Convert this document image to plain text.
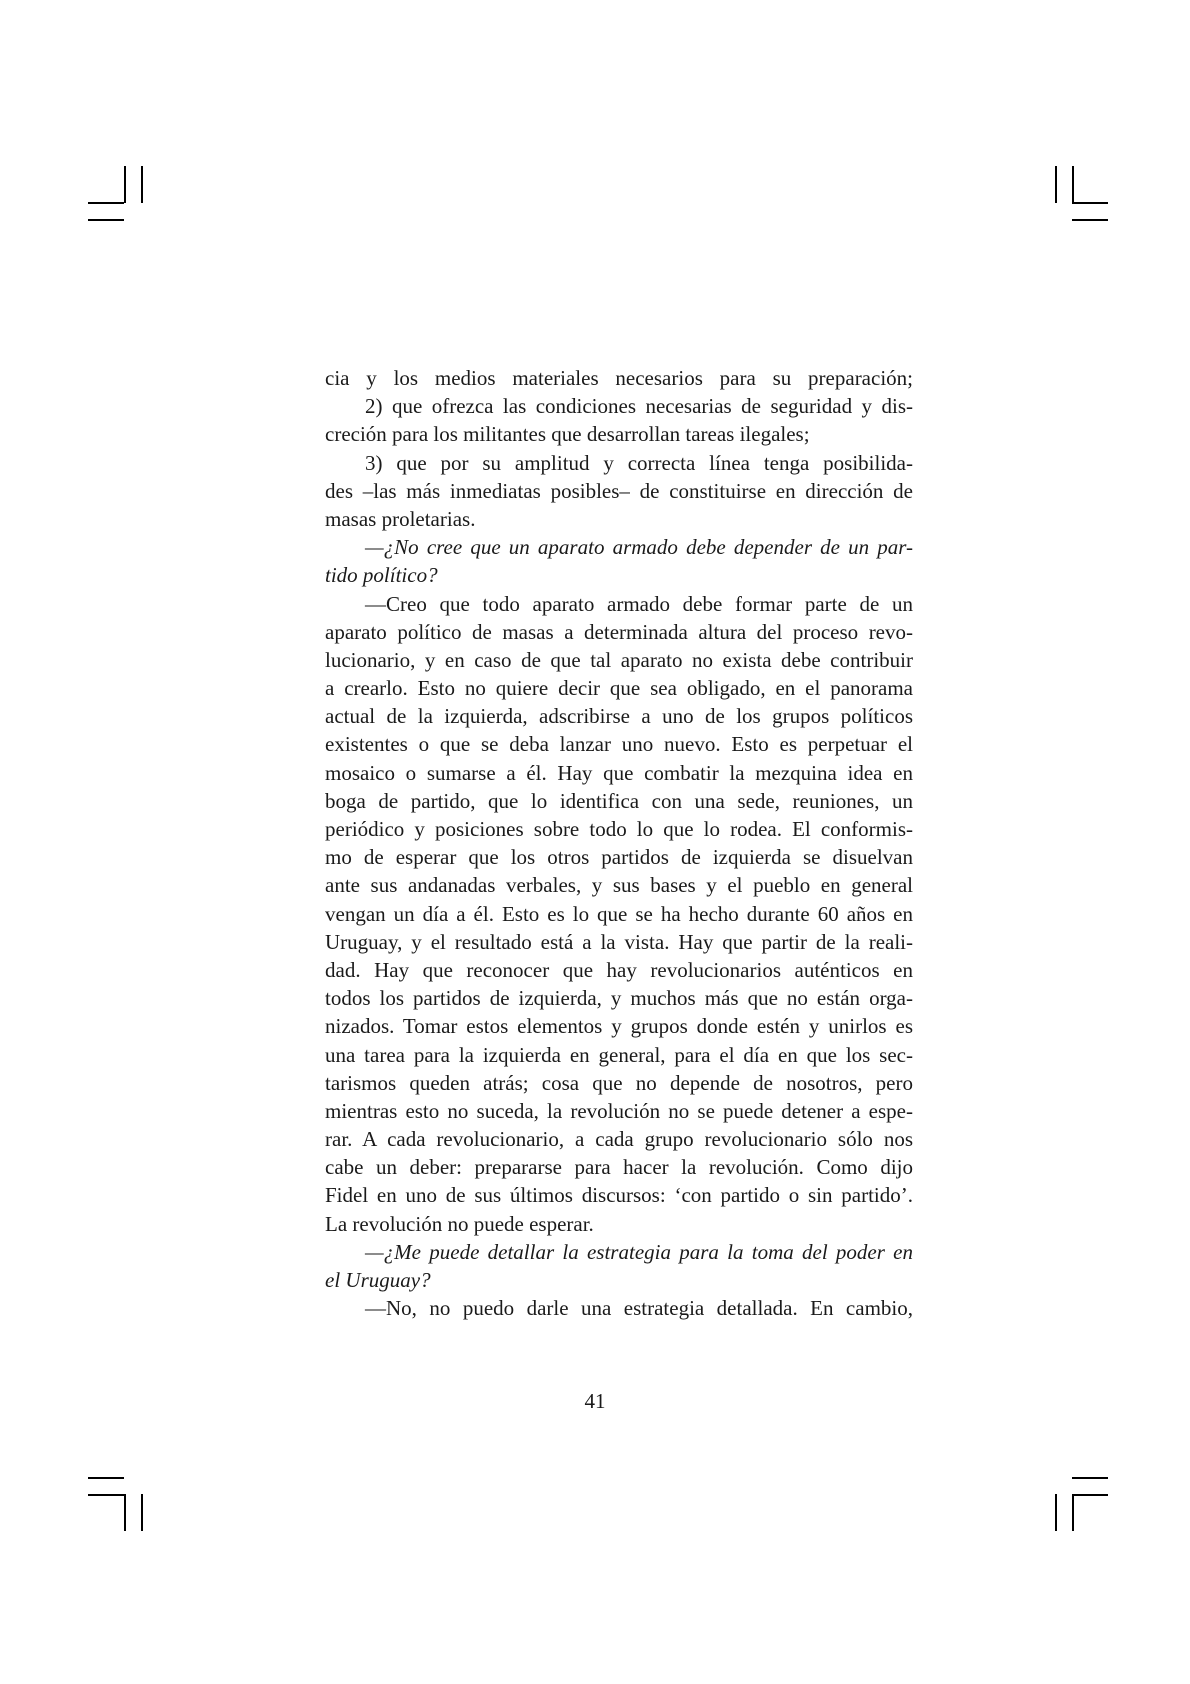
cia y los medios materiales necesarios para su preparación;
2) que ofrezca las condiciones necesarias de seguridad y dis-
creción para los militantes que desarrollan tareas ilegales;
3) que por su amplitud y correcta línea tenga posibilida-
des –las más inmediatas posibles– de constituirse en dirección de
masas proletarias.
—¿No cree que un aparato armado debe depender de un par-
tido político?
—Creo que todo aparato armado debe formar parte de un
aparato político de masas a determinada altura del proceso revo-
lucionario, y en caso de que tal aparato no exista debe contribuir
a crearlo. Esto no quiere decir que sea obligado, en el panorama
actual de la izquierda, adscribirse a uno de los grupos políticos
existentes o que se deba lanzar uno nuevo. Esto es perpetuar el
mosaico o sumarse a él. Hay que combatir la mezquina idea en
boga de partido, que lo identifica con una sede, reuniones, un
periódico y posiciones sobre todo lo que lo rodea. El conformis-
mo de esperar que los otros partidos de izquierda se disuelvan
ante sus andanadas verbales, y sus bases y el pueblo en general
vengan un día a él. Esto es lo que se ha hecho durante 60 años en
Uruguay, y el resultado está a la vista. Hay que partir de la reali-
dad. Hay que reconocer que hay revolucionarios auténticos en
todos los partidos de izquierda, y muchos más que no están orga-
nizados. Tomar estos elementos y grupos donde estén y unirlos es
una tarea para la izquierda en general, para el día en que los sec-
tarismos queden atrás; cosa que no depende de nosotros, pero
mientras esto no suceda, la revolución no se puede detener a espe-
rar. A cada revolucionario, a cada grupo revolucionario sólo nos
cabe un deber: prepararse para hacer la revolución. Como dijo
Fidel en uno de sus últimos discursos: ‘con partido o sin partido’.
La revolución no puede esperar.
—¿Me puede detallar la estrategia para la toma del poder en
el Uruguay?
—No, no puedo darle una estrategia detallada. En cambio,
41
